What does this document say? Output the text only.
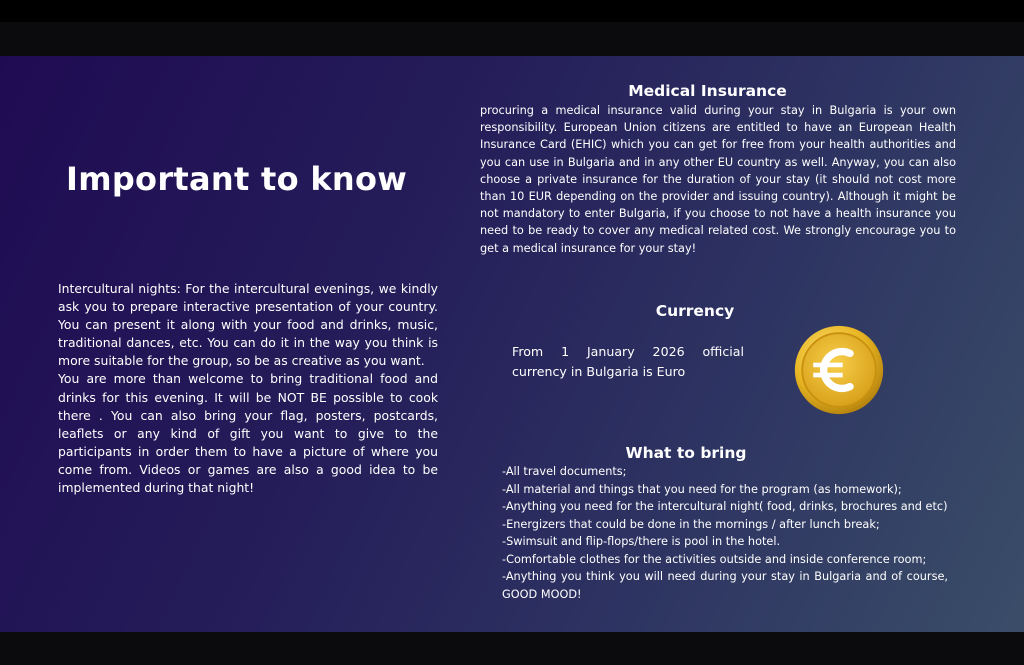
Important to know

Intercultural nights: For the intercultural evenings, we kindly ask you to prepare interactive presentation of your country. You can present it along with your food and drinks, music, traditional dances, etc. You can do it in the way you think is more suitable for the group, so be as creative as you want.

You are more than welcome to bring traditional food and drinks for this evening. It will be NOT BE possible to cook there . You can also bring your flag, posters, postcards, leaflets or any kind of gift you want to give to the participants in order them to have a picture of where you come from. Videos or games are also a good idea to be implemented during that night!

Medical Insurance

procuring a medical insurance valid during your stay in Bulgaria is your own responsibility. European Union citizens are entitled to have an European Health Insurance Card (EHIC) which you can get for free from your health authorities and you can use in Bulgaria and in any other EU country as well. Anyway, you can also choose a private insurance for the duration of your stay (it should not cost more than 10 EUR depending on the provider and issuing country). Although it might be not mandatory to enter Bulgaria, if you choose to not have a health insurance you need to be ready to cover any medical related cost. We strongly encourage you to get a medical insurance for your stay!

Currency

From 1 January 2026 official currency in Bulgaria is Euro

What to bring
-All travel documents;
-All material and things that you need for the program (as homework);
-Anything you need for the intercultural night( food, drinks, brochures and etc)
-Energizers that could be done in the mornings / after lunch break;
-Swimsuit and flip-flops/there is pool in the hotel.
-Comfortable clothes for the activities outside and inside conference room;
-Anything you think you will need during your stay in Bulgaria and of course, GOOD MOOD!
